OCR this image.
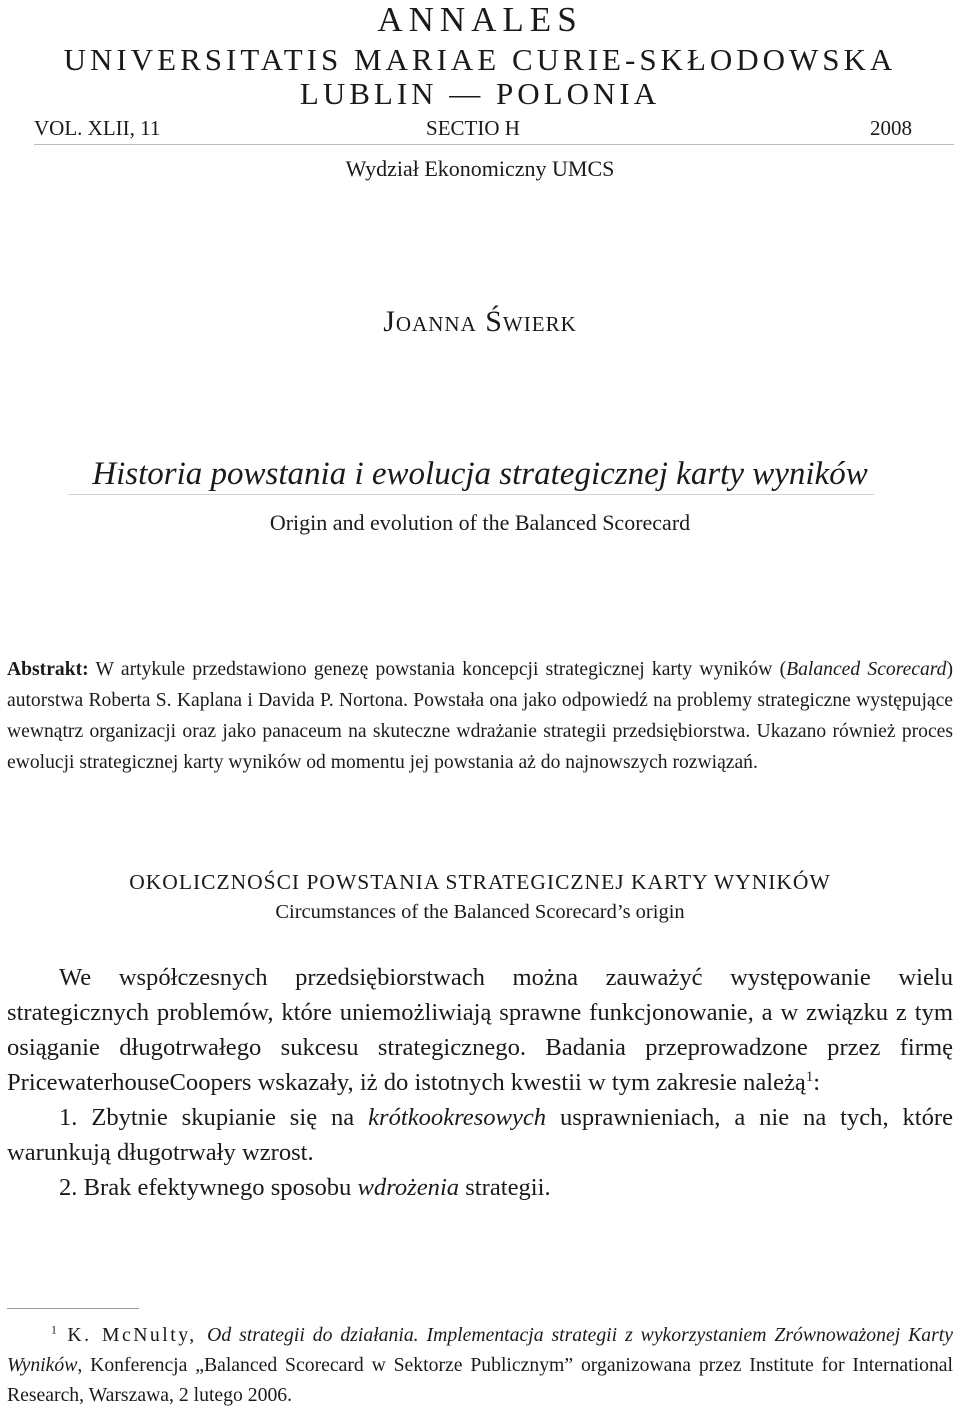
ANNALES
UNIVERSITATIS MARIAE CURIE-SKŁODOWSKA
LUBLIN — POLONIA
VOL. XLII, 11	SECTIO H	2008
Wydział Ekonomiczny UMCS
Joanna Świerk
Historia powstania i ewolucja strategicznej karty wyników
Origin and evolution of the Balanced Scorecard

Abstrakt: W artykule przedstawiono genezę powstania koncepcji strategicznej karty wyników (Balanced Scorecard) autorstwa Roberta S. Kaplana i Davida P. Nortona. Powstała ona jako odpowiedź na problemy strategiczne występujące wewnątrz organizacji oraz jako panaceum na skuteczne wdrażanie strategii przedsiębiorstwa. Ukazano również proces ewolucji strategicznej karty wyników od momentu jej powstania aż do najnowszych rozwiązań.

OKOLICZNOŚCI POWSTANIA STRATEGICZNEJ KARTY WYNIKÓW
Circumstances of the Balanced Scorecard’s origin

We współczesnych przedsiębiorstwach można zauważyć występowanie wielu strategicznych problemów, które uniemożliwiają sprawne funkcjonowanie, a w związku z tym osiąganie długotrwałego sukcesu strategicznego. Badania przeprowadzone przez firmę PricewaterhouseCoopers wskazały, iż do istotnych kwestii w tym zakresie należą$^1$:

1. Zbytnie skupianie się na krótkookresowych usprawnieniach, a nie na tych, które warunkują długotrwały wzrost.

2. Brak efektywnego sposobu wdrożenia strategii.

$^1$ K. McNulty, Od strategii do działania. Implementacja strategii z wykorzystaniem Zrównoważonej Karty Wyników, Konferencja „Balanced Scorecard w Sektorze Publicznym” organizowana przez Institute for International Research, Warszawa, 2 lutego 2006.
